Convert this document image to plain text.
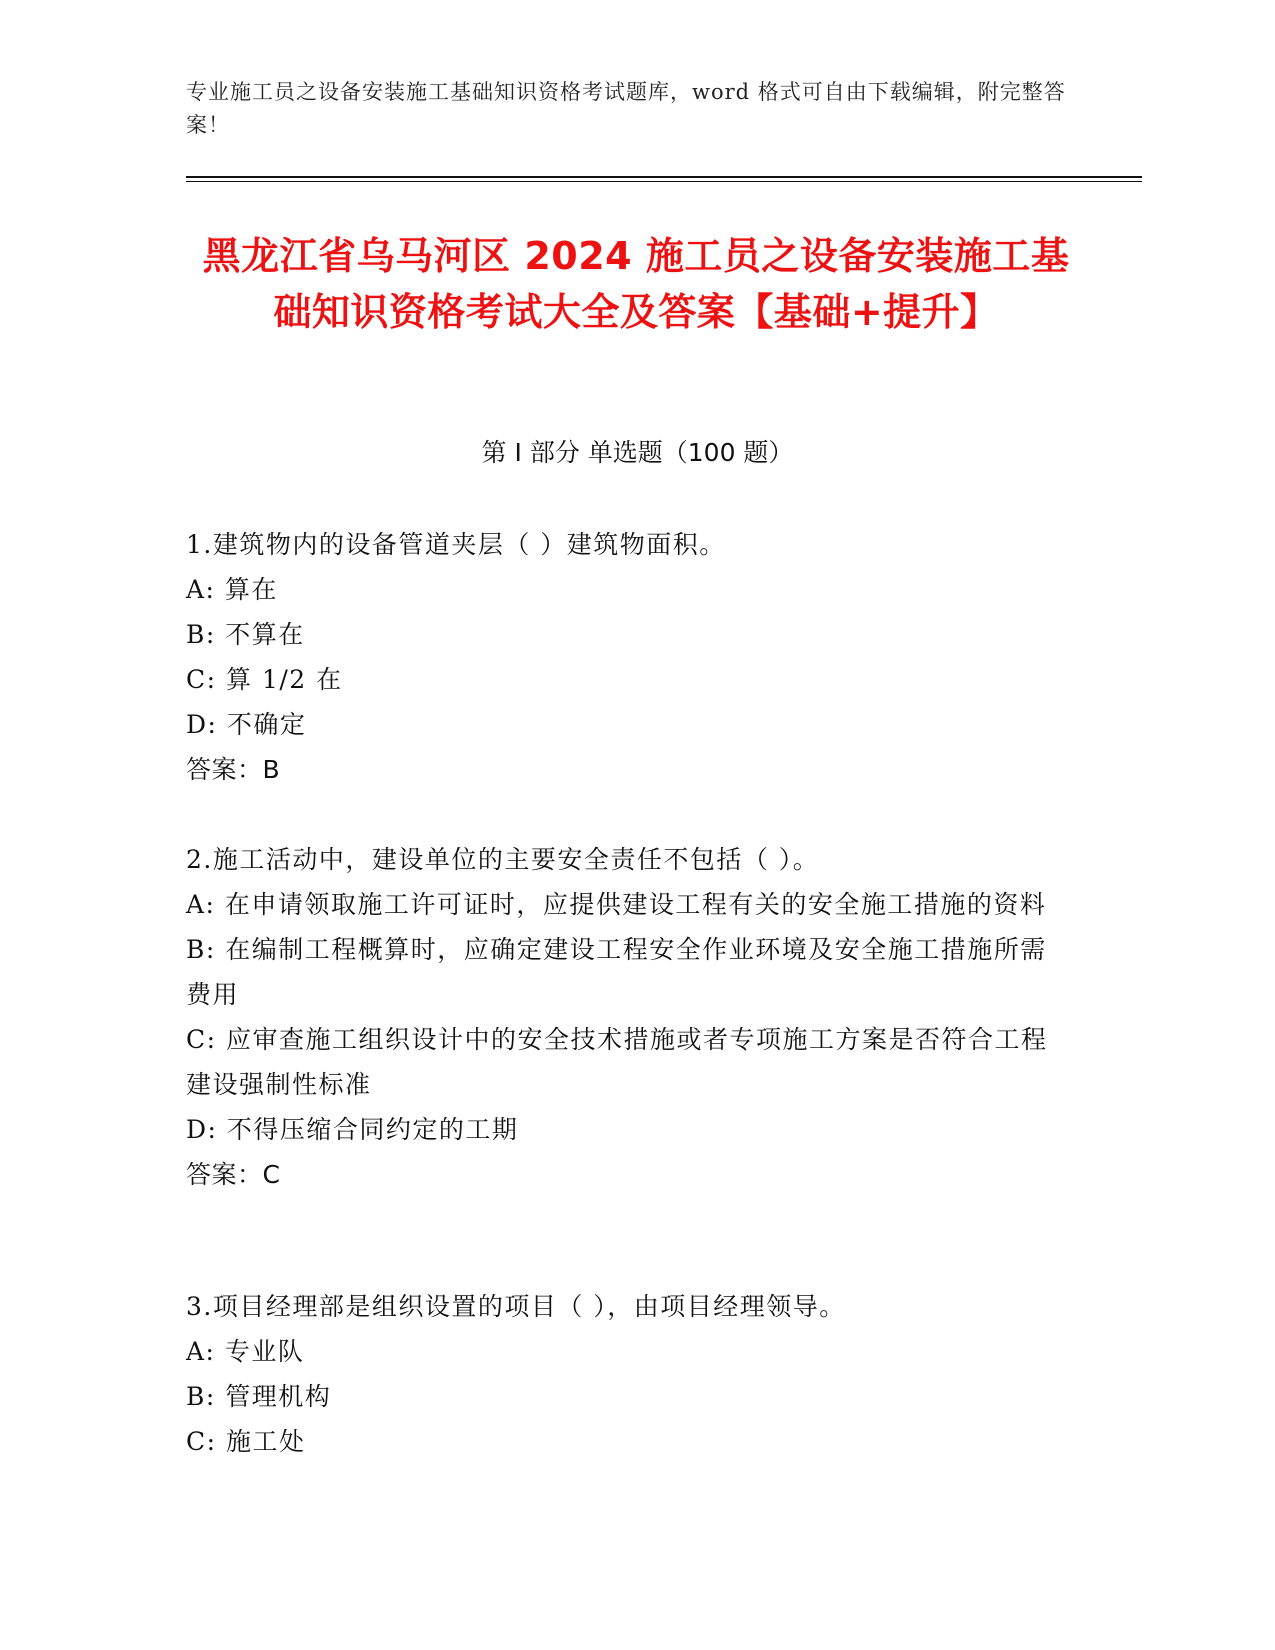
专业施工员之设备安装施工基础知识资格考试题库，word 格式可自由下载编辑，附完整答案！
黑龙江省乌马河区 2024 施工员之设备安装施工基础知识资格考试大全及答案【基础+提升】
第 I 部分 单选题（100 题）
1.建筑物内的设备管道夹层（ ）建筑物面积。
A: 算在
B: 不算在
C: 算 1/2 在
D: 不确定
答案：B
2.施工活动中，建设单位的主要安全责任不包括（ ）。
A: 在申请领取施工许可证时，应提供建设工程有关的安全施工措施的资料
B: 在编制工程概算时，应确定建设工程安全作业环境及安全施工措施所需费用
C: 应审查施工组织设计中的安全技术措施或者专项施工方案是否符合工程建设强制性标准
D: 不得压缩合同约定的工期
答案：C
3.项目经理部是组织设置的项目（ ），由项目经理领导。
A: 专业队
B: 管理机构
C: 施工处
